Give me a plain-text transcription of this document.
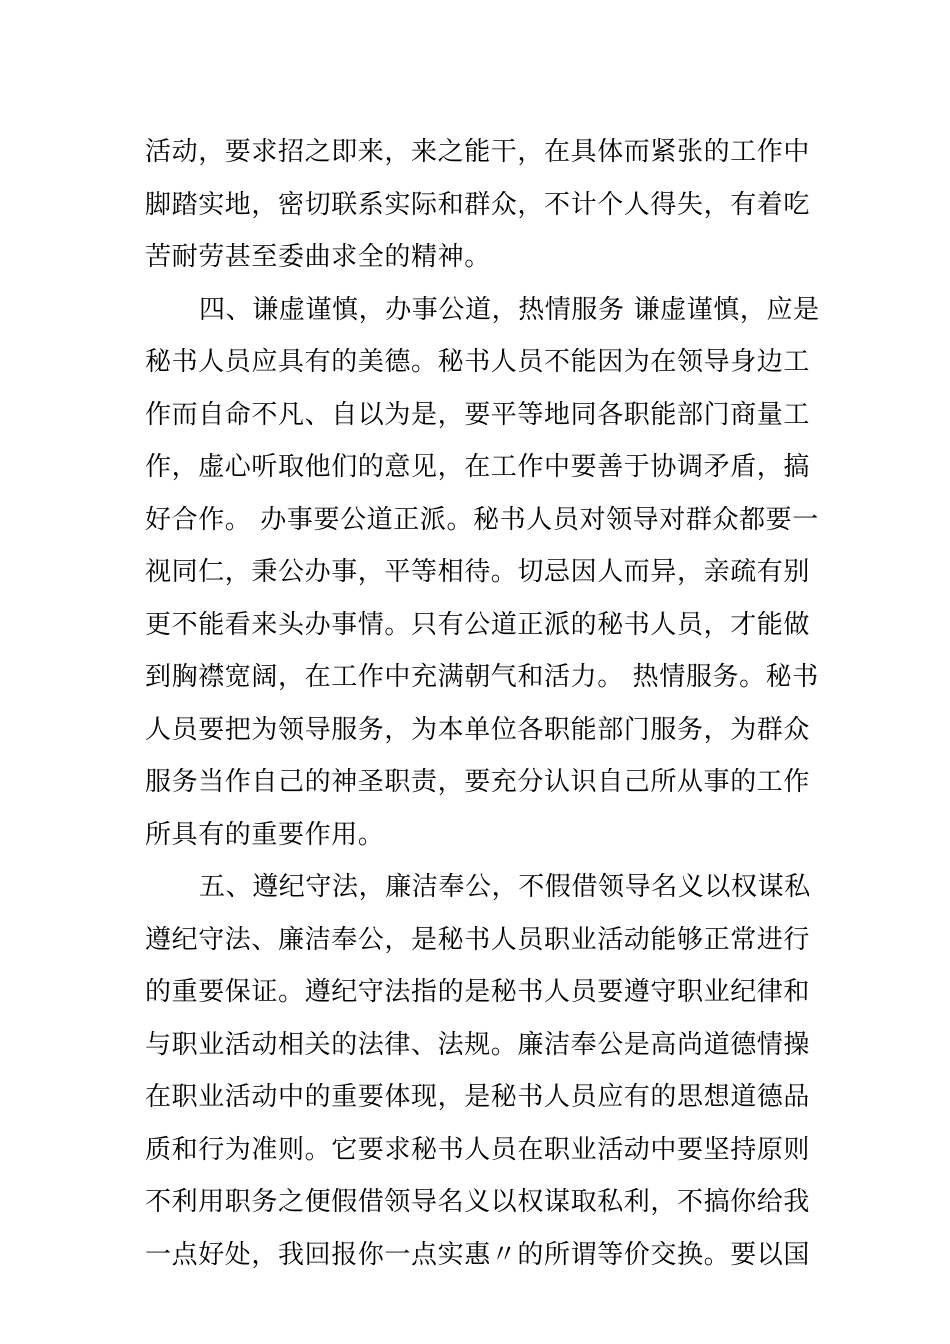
活动，要求招之即来，来之能干，在具体而紧张的工作中
脚踏实地，密切联系实际和群众，不计个人得失，有着吃
苦耐劳甚至委曲求全的精神。
四、谦虚谨慎，办事公道，热情服务 谦虚谨慎，应是
秘书人员应具有的美德。秘书人员不能因为在领导身边工
作而自命不凡、自以为是，要平等地同各职能部门商量工
作，虚心听取他们的意见，在工作中要善于协调矛盾，搞
好合作。 办事要公道正派。秘书人员对领导对群众都要一
视同仁，秉公办事，平等相待。切忌因人而异，亲疏有别
更不能看来头办事情。只有公道正派的秘书人员，才能做
到胸襟宽阔，在工作中充满朝气和活力。 热情服务。秘书
人员要把为领导服务，为本单位各职能部门服务，为群众
服务当作自己的神圣职责，要充分认识自己所从事的工作
所具有的重要作用。
五、遵纪守法，廉洁奉公，不假借领导名义以权谋私
遵纪守法、廉洁奉公，是秘书人员职业活动能够正常进行
的重要保证。遵纪守法指的是秘书人员要遵守职业纪律和
与职业活动相关的法律、法规。廉洁奉公是高尚道德情操
在职业活动中的重要体现，是秘书人员应有的思想道德品
质和行为准则。它要求秘书人员在职业活动中要坚持原则
不利用职务之便假借领导名义以权谋取私利，不搞你给我
一点好处，我回报你一点实惠〃的所谓等价交换。要以国
